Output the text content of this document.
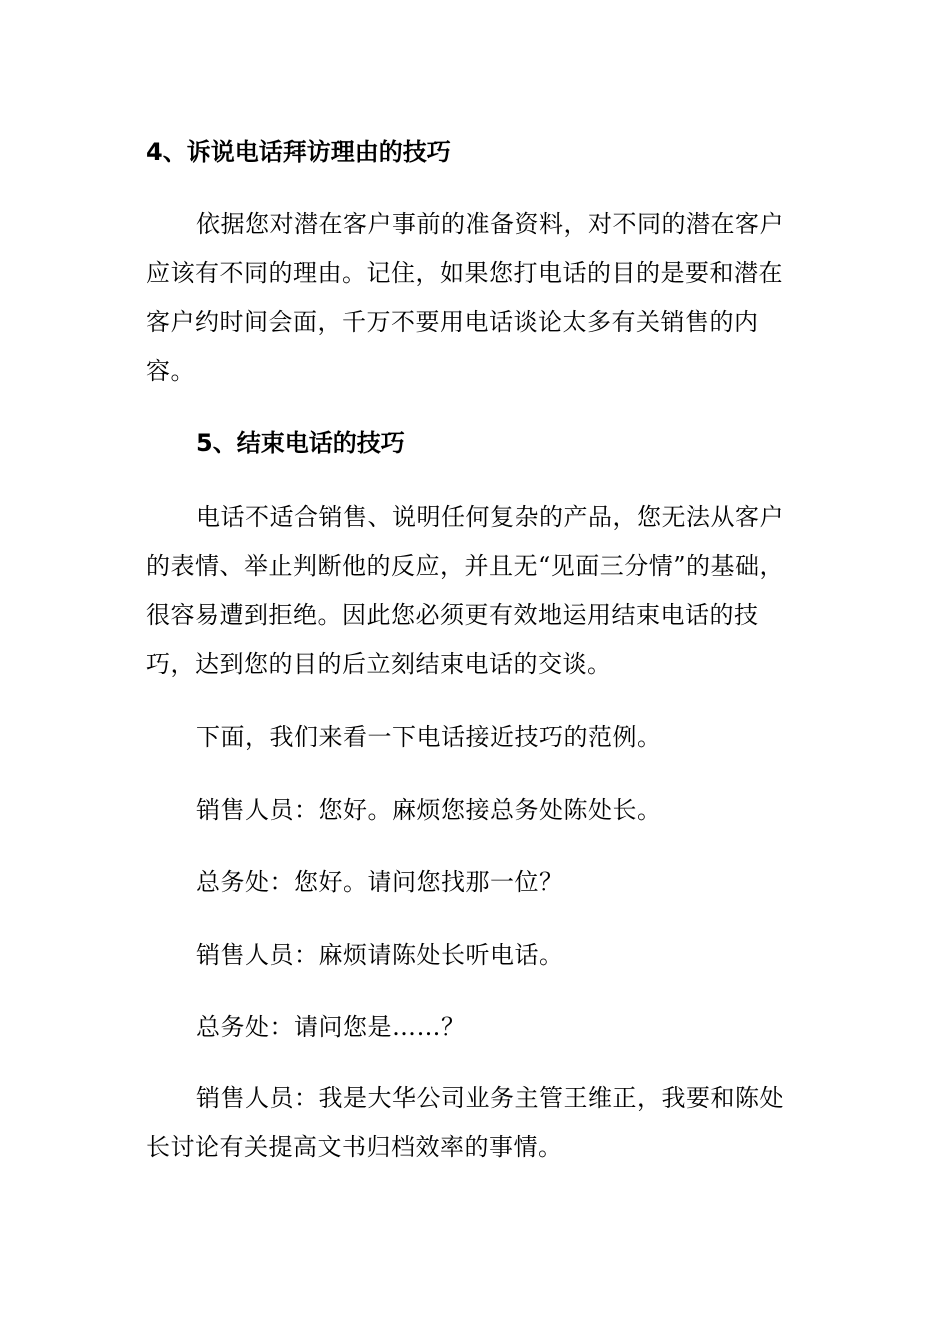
4、诉说电话拜访理由的技巧

依据您对潜在客户事前的准备资料，对不同的潜在客户应该有不同的理由。记住，如果您打电话的目的是要和潜在客户约时间会面，千万不要用电话谈论太多有关销售的内容。

5、结束电话的技巧

电话不适合销售、说明任何复杂的产品，您无法从客户的表情、举止判断他的反应，并且无“见面三分情”的基础，很容易遭到拒绝。因此您必须更有效地运用结束电话的技巧，达到您的目的后立刻结束电话的交谈。

下面，我们来看一下电话接近技巧的范例。
销售人员：您好。麻烦您接总务处陈处长。
总务处：您好。请问您找那一位？
销售人员：麻烦请陈处长听电话。
总务处：请问您是……？

销售人员：我是大华公司业务主管王维正，我要和陈处长讨论有关提高文书归档效率的事情。
